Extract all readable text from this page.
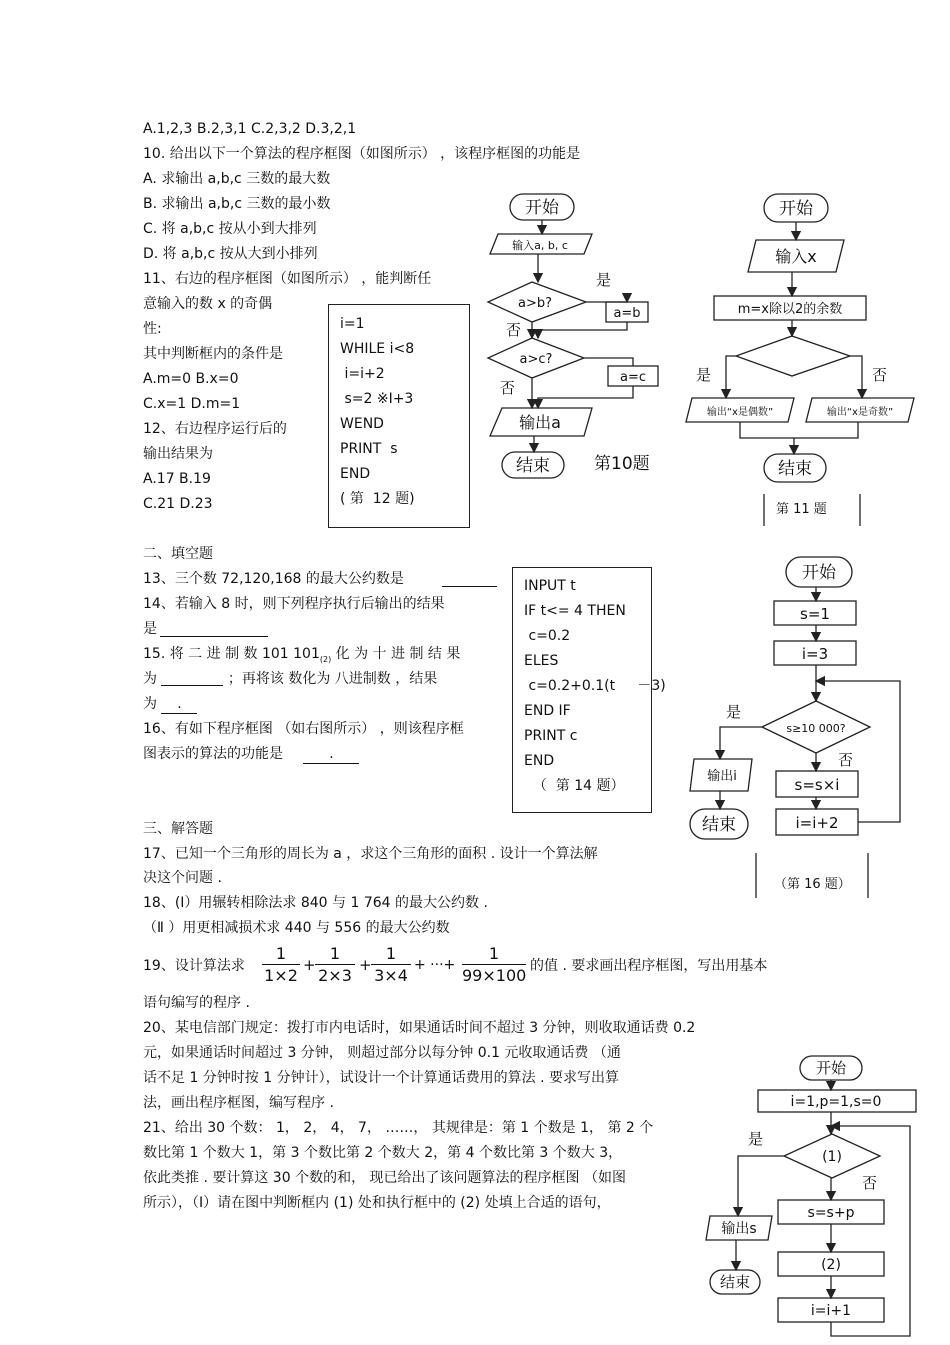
A.1,2,3 B.2,3,1 C.2,3,2 D.3,2,1
10. 给出以下一个算法的程序框图（如图所示） ，该程序框图的功能是
A. 求输出 a,b,c 三数的最大数
B. 求输出 a,b,c 三数的最小数
C. 将 a,b,c 按从小到大排列
D. 将 a,b,c 按从大到小排列
11、右边的程序框图（如图所示） ，能判断任
意输入的数 x 的奇偶
性:
其中判断框内的条件是
A.m=0 B.x=0
C.x=1 D.m=1
12、右边程序运行后的
输出结果为
A.17 B.19
C.21 D.23
i=1
WHILE i<8
i=i+2
s=2 ※I+3
WEND
PRINT  s
END
( 第  12 题)
开始
输入a, b, c
a>b?
是
a=b
否
a>c?
a=c
否
输出a
结束	第10题
开始
输入x
m=x除以2的余数
是	否
输出“x是偶数”	输出“x是奇数”
结束
第 11 题
二、填空题
13、三个数 72,120,168 的最大公约数是
14、若输入 8 时，则下列程序执行后输出的结果
是
15. 将 二 进 制 数 101 $101_{(2)}$ 化 为 十 进 制 结 果
为	；再将该 数化为 八进制数 ，结果
为 .
16、有如下程序框图 （如右图所示） ，则该程序框
图表示的算法的功能是	.
INPUT t
IF t<= 4 THEN
c=0.2
ELES
c=0.2+0.1(t     －3)
END IF
PRINT c
END
（  第 14 题）
开始
s=1
i=3
s≥10 000?
是
否
输出i	s=s×i
i=i+2
结束
（第 16 题）
三、解答题
17、已知一个三角形的周长为 a ，求这个三角形的面积 . 设计一个算法解
决这个问题 .
18、(Ⅰ）用辗转相除法求 840 与 1 764 的最大公约数 .
（Ⅱ ）用更相减损术求 440 与 556 的最大公约数
19、设计算法求 $\frac{1}{1\times 2} + \frac{1}{2\times 3} + \frac{1}{3\times 4}$ + ···+ $\frac{1}{99\times 100}$ 的值 . 要求画出程序框图，写出用基本
语句编写的程序 .
20、某电信部门规定：拨打市内电话时，如果通话时间不超过 3 分钟，则收取通话费 0.2
元，如果通话时间超过 3 分钟， 则超过部分以每分钟 0.1 元收取通话费 （通
话不足 1 分钟时按 1 分钟计），试设计一个计算通话费用的算法 . 要求写出算
法，画出程序框图，编写程序 .
21、给出 30 个数： 1， 2， 4， 7， ……， 其规律是：第 1 个数是 1， 第 2 个
数比第 1 个数大 1，第 3 个数比第 2 个数大 2，第 4 个数比第 3 个数大 3，
依此类推 . 要计算这 30 个数的和， 现已给出了该问题算法的程序框图 （如图
所示），（Ⅰ）请在图中判断框内 (1) 处和执行框中的 (2) 处填上合适的语句，
开始
i=1,p=1,s=0
(1)
是
否
s=s+p
(2)
i=i+1
输出s
结束
